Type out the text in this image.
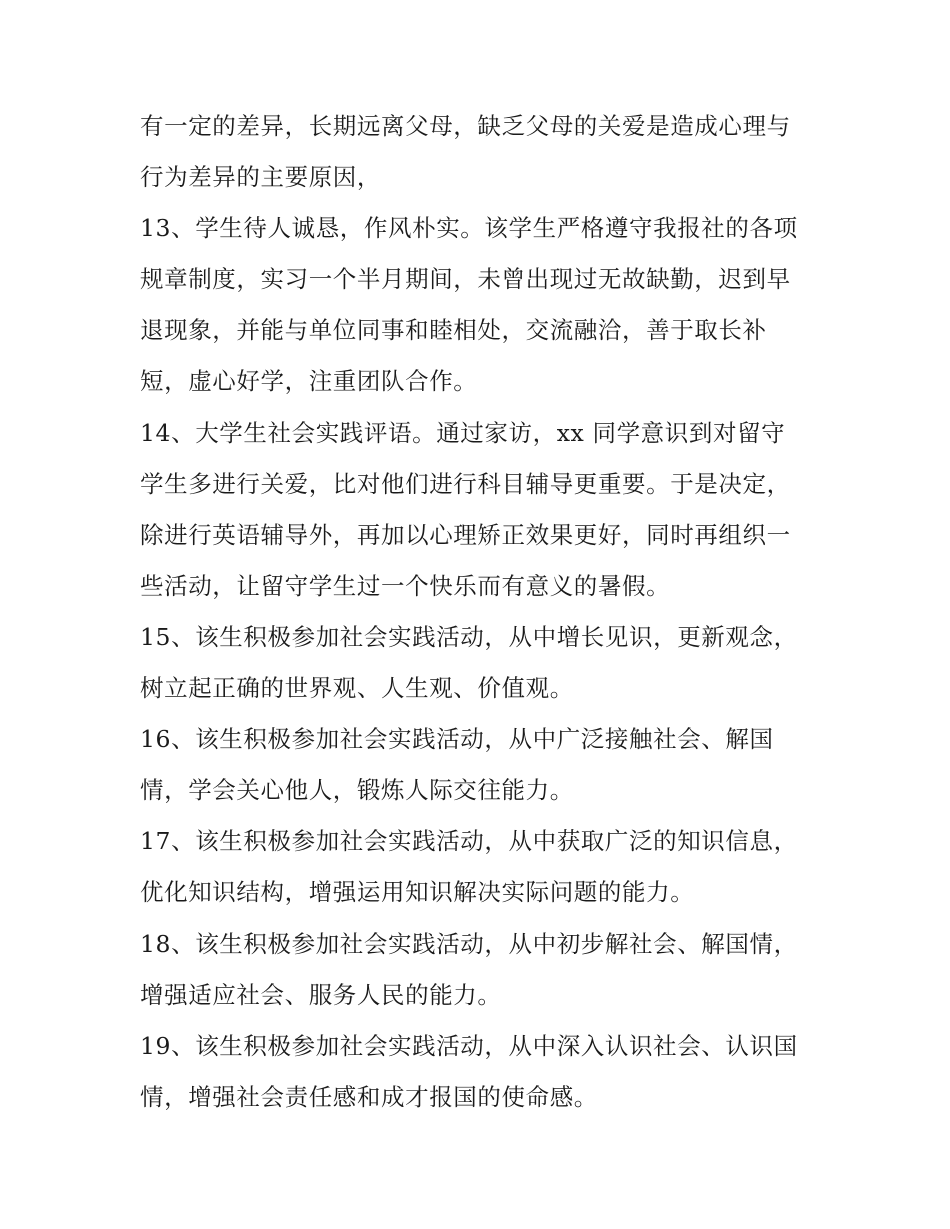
有一定的差异，长期远离父母，缺乏父母的关爱是造成心理与
行为差异的主要原因，
13、学生待人诚恳，作风朴实。该学生严格遵守我报社的各项
规章制度，实习一个半月期间，未曾出现过无故缺勤，迟到早
退现象，并能与单位同事和睦相处，交流融洽，善于取长补
短，虚心好学，注重团队合作。
14、大学生社会实践评语。通过家访，xx 同学意识到对留守
学生多进行关爱，比对他们进行科目辅导更重要。于是决定，
除进行英语辅导外，再加以心理矫正效果更好，同时再组织一
些活动，让留守学生过一个快乐而有意义的暑假。
15、该生积极参加社会实践活动，从中增长见识，更新观念，
树立起正确的世界观、人生观、价值观。
16、该生积极参加社会实践活动，从中广泛接触社会、解国
情，学会关心他人，锻炼人际交往能力。
17、该生积极参加社会实践活动，从中获取广泛的知识信息，
优化知识结构，增强运用知识解决实际问题的能力。
18、该生积极参加社会实践活动，从中初步解社会、解国情，
增强适应社会、服务人民的能力。
19、该生积极参加社会实践活动，从中深入认识社会、认识国
情，增强社会责任感和成才报国的使命感。
